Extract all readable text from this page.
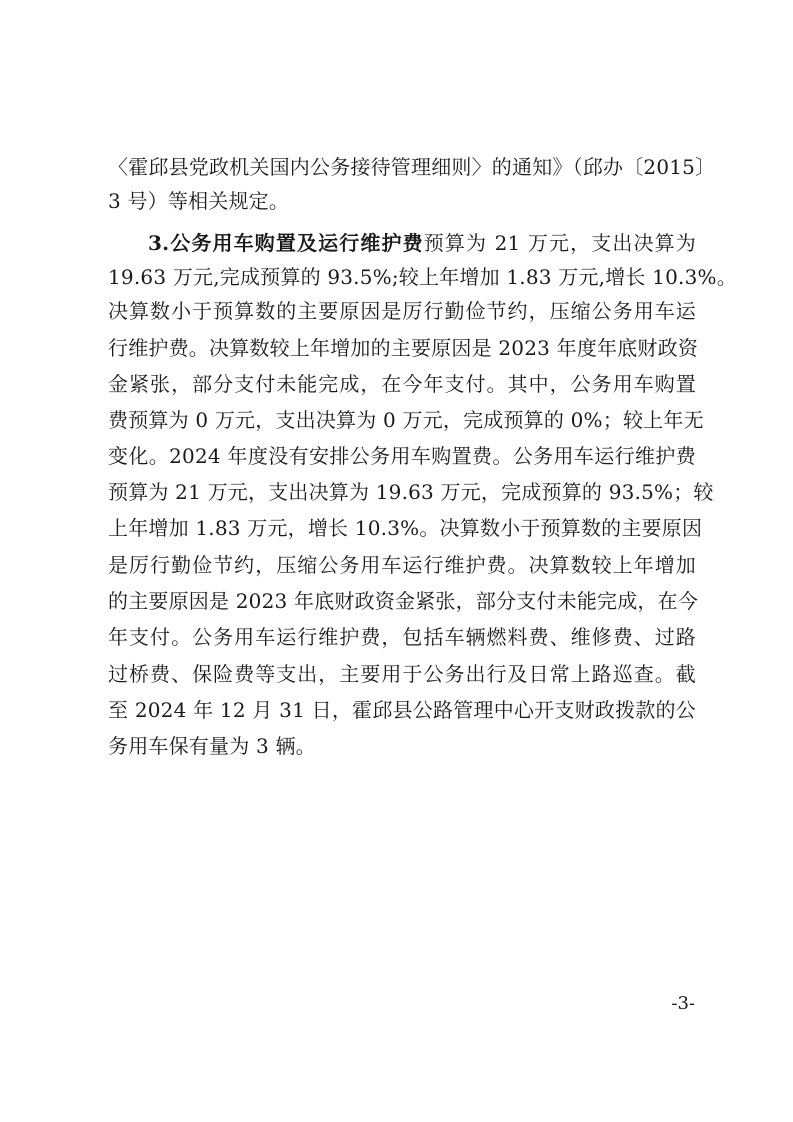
〈霍邱县党政机关国内公务接待管理细则〉的通知》（邱办〔2015〕
3 号）等相关规定。
3.公务用车购置及运行维护费预算为 21 万元，支出决算为
19.63 万元,完成预算的 93.5%;较上年增加 1.83 万元,增长 10.3%。
决算数小于预算数的主要原因是厉行勤俭节约，压缩公务用车运
行维护费。决算数较上年增加的主要原因是 2023 年度年底财政资
金紧张，部分支付未能完成，在今年支付。其中，公务用车购置
费预算为 0 万元，支出决算为 0 万元，完成预算的 0%；较上年无
变化。2024 年度没有安排公务用车购置费。公务用车运行维护费
预算为 21 万元，支出决算为 19.63 万元，完成预算的 93.5%；较
上年增加 1.83 万元，增长 10.3%。决算数小于预算数的主要原因
是厉行勤俭节约，压缩公务用车运行维护费。决算数较上年增加
的主要原因是 2023 年底财政资金紧张，部分支付未能完成，在今
年支付。公务用车运行维护费，包括车辆燃料费、维修费、过路
过桥费、保险费等支出，主要用于公务出行及日常上路巡查。截
至 2024 年 12 月 31 日，霍邱县公路管理中心开支财政拨款的公
务用车保有量为 3 辆。
-3-
